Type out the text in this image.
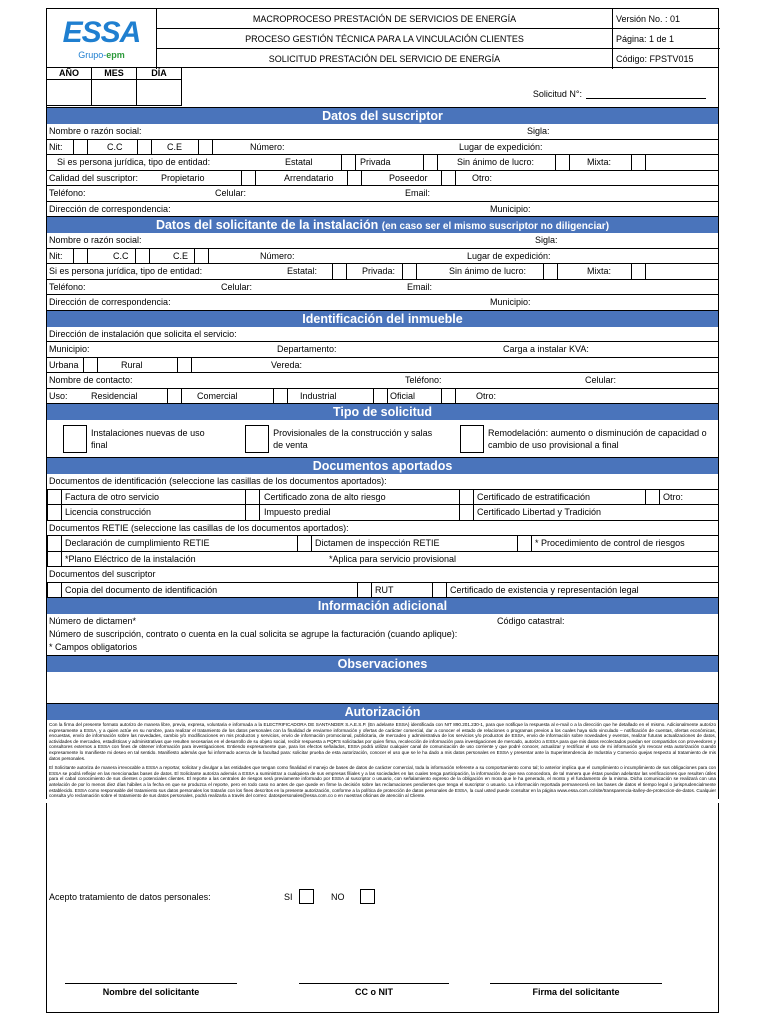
ESSA
Grupo-epm
MACROPROCESO PRESTACIÓN DE SERVICIOS DE ENERGÍA
PROCESO GESTIÓN TÉCNICA PARA LA VINCULACIÓN CLIENTES
SOLICITUD PRESTACIÓN DEL SERVICIO DE ENERGÍA
Versión No. : 01
Página: 1 de 1
Código: FPSTV015
AÑO	MES	DÍA
Solicitud N°:
Datos del suscriptor
Nombre o razón social:	Sigla:
Nit:	C.C	C.E	Número:	Lugar de expedición:
Si es persona jurídica, tipo de entidad:	Estatal	Privada	Sin ánimo de lucro:	Mixta:
Calidad del suscriptor:	Propietario	Arrendatario	Poseedor	Otro:
Teléfono:	Celular:	Email:
Dirección de correspondencia:	Municipio:
Datos del solicitante de la instalación (en caso ser el mismo suscriptor no diligenciar)
Nombre o razón social:	Sigla:
Nit:	C.C	C.E	Número:	Lugar de expedición:
Si es persona jurídica, tipo de entidad:	Estatal:	Privada:	Sin ánimo de lucro:	Mixta:
Teléfono:	Celular:	Email:
Dirección de correspondencia:	Municipio:
Identificación del inmueble
Dirección de instalación que solicita el servicio:
Municipio:	Departamento:	Carga a instalar KVA:
Urbana	Rural	Vereda:
Nombre de contacto:	Teléfono:	Celular:
Uso:	Residencial	Comercial	Industrial	Oficial	Otro:
Tipo de solicitud
Instalaciones nuevas de uso final
Provisionales de la construcción y salas de venta
Remodelación: aumento o disminución de capacidad o cambio de uso provisional a final
Documentos aportados
Documentos de identificación (seleccione las casillas de los documentos aportados):
Factura de otro servicio	Certificado zona de alto riesgo	Certificado de estratificación	Otro:
Licencia construcción	Impuesto predial	Certificado Libertad y Tradición
Documentos RETIE (seleccione las casillas de los documentos aportados):
Declaración de cumplimiento RETIE	Dictamen de inspección RETIE	* Procedimiento de control de riesgos
*Plano Eléctrico de la instalación	*Aplica para servicio provisional
Documentos del suscriptor
Copia del documento de identificación	RUT	Certificado de existencia y representación legal
Información adicional
Número de dictamen*	Código catastral:
Número de suscripción, contrato o cuenta en la cual solicita se agrupe la facturación (cuando aplique):
* Campos obligatorios
Observaciones
Autorización

Con la firma del presente formato autorizo de manera libre, previa, expresa, voluntaria e informada a la ELECTRIFICADORA DE SANTANDER S.A.E.S.P. (En adelante ESSA) identificada con NIT 890.201.230-1, para que notifique la respuesta al e-mail o a la dirección que he detallado en el mismo. Adicionalmente autorizo expresamente a ESSA, y a quien actúe en su nombre, para realizar el tratamiento de los datos personales con la finalidad de enviarme información y ofertas de carácter comercial, dar a conocer el estado de relaciones o programas previos a los cuales haya sido vinculado – notificación de cuentas, ofertas económicas, encuestas, envío de información sobre las novedades, cambio y/o modificaciones en mis productos y servicios, envío de información promocional, publicitaria, de mercadeo y administrativa de los servicios y/o productos de ESSA, envío de información sobre novedades y eventos, realizar futuras actualizaciones de datos, actividades de mercadeo, estadísticas y administrativas que resulten necesarias en el desarrollo de su objeto social, recibir respuesta a PQR'S solicitadas por quien firma, recolección de información para investigaciones de mercado, autorizo a ESSA para que mis datos recolectados puedan ser compartidos con proveedores y consultores externos a ESSA con fines de obtener información para investigaciones. Entiendo expresamente que, para los efectos señalados, ESSA podrá utilizar cualquier canal de comunicación de uso corriente y que podré conocer, actualizar y rectificar el uso de mi información y/o revocar esta autorización cuando expresamente lo manifieste mi deseo en tal sentido. Manifiesto además que fui informado acerca de la facultad para: solicitar prueba de esta autorización, conocer el uso que se le ha dado a mis datos personales en ESSA y presentar ante la Superintendencia de Industria y Comercio quejas respecto al tratamiento de mis datos personales.

El Solicitante autoriza de manera irrevocable a ESSA a reportar, solicitar y divulgar a las entidades que tengan como finalidad el manejo de bases de datos de carácter comercial, toda la información referente a su comportamiento como tal; lo anterior implica que el cumplimiento o incumplimiento de sus obligaciones para con ESSA se podrá reflejar en las mencionadas bases de datos. El Solicitante autoriza además a ESSA a suministrar a cualquiera de sus empresas filiales y a las sociedades en las cuales tenga participación, la información de que sea conocedora, de tal manera que éstas puedan adelantar las verificaciones que resulten útiles para el cabal conocimiento de sus clientes o potenciales clientes. El reporte a las centrales de riesgos será previamente informado por ESSA al suscriptor o usuario, con señalamiento expreso de la obligación en mora que le ha generado, el monto y el fundamento de la misma. Dicha comunicación se realizará con una antelación de por lo menos diez días hábiles a la fecha en que se produzca el reporte, pero en todo caso no antes de que quede en firme la decisión sobre las reclamaciones pendientes que tenga el suscriptor o usuario. La información reportada permanecerá en las bases de datos el tiempo legal o jurisprudencialmente establecido. ESSA como responsable del tratamiento sus datos personales los tratarán con los fines descritos en la presente autorización, conforme a la política de protección de datos personales de ESSA, la cual usted puede consultar en la página www.essa.com.co/site/transparencia-ita/ley-de-proteccion-de-datos. Cualquier consulta y/o reclamación sobre el tratamiento de sus datos personales, podrá realizarla a través del correo: datospersonales@essa.com.co o en nuestras oficinas de atención al Cliente.

Acepto tratamiento de datos personales:	SI	NO
Nombre del solicitante	CC o NIT	Firma del solicitante
